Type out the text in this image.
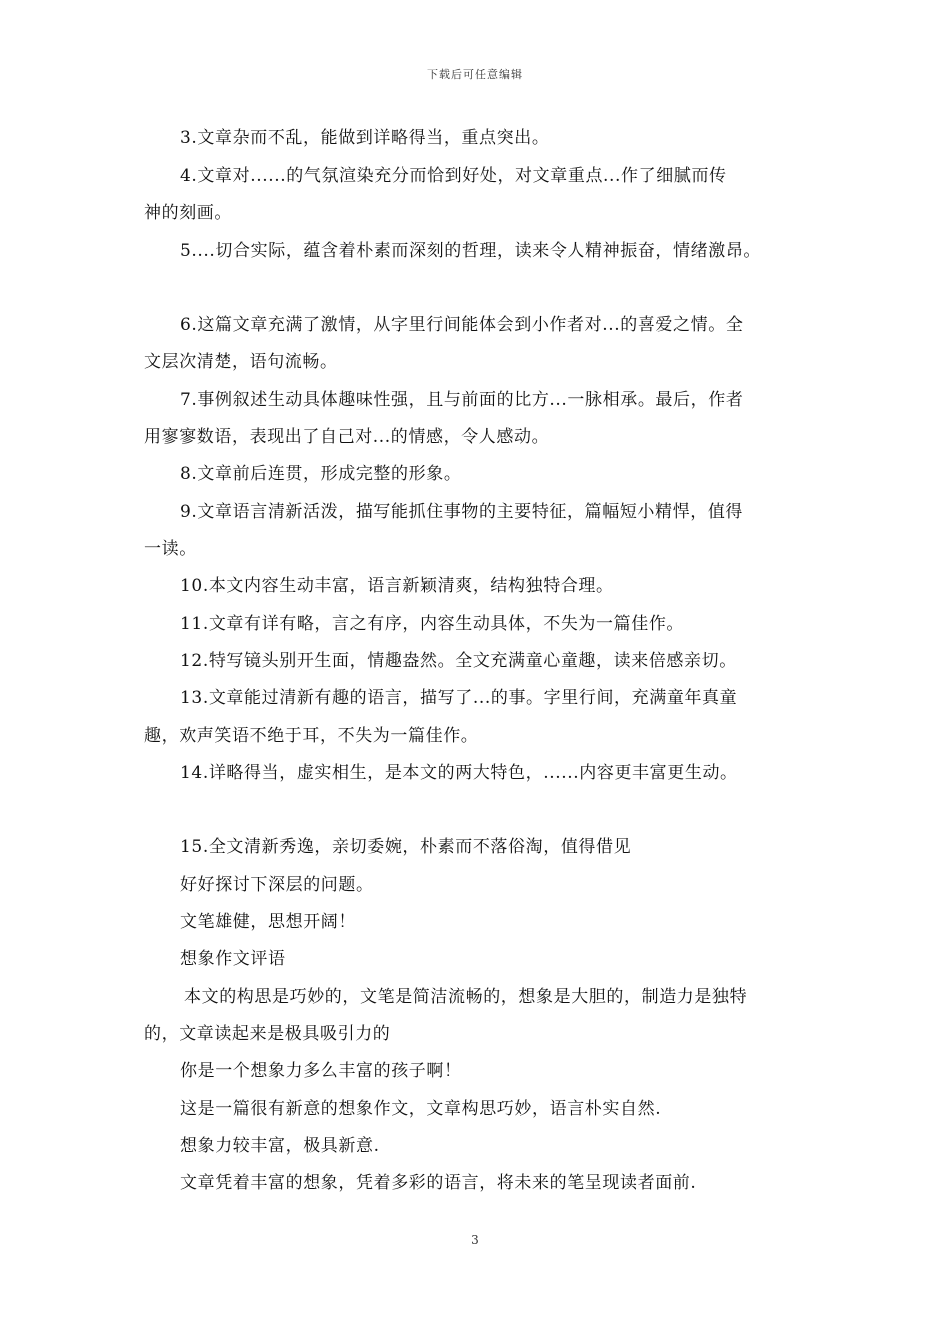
下载后可任意编辑
3.文章杂而不乱，能做到详略得当，重点突出。
4.文章对......的气氛渲染充分而恰到好处，对文章重点...作了细腻而传
神的刻画。
5....切合实际，蕴含着朴素而深刻的哲理，读来令人精神振奋，情绪激昂。
6.这篇文章充满了激情，从字里行间能体会到小作者对...的喜爱之情。全
文层次清楚，语句流畅。
7.事例叙述生动具体趣味性强，且与前面的比方...一脉相承。最后，作者
用寥寥数语，表现出了自己对...的情感，令人感动。
8.文章前后连贯，形成完整的形象。
9.文章语言清新活泼，描写能抓住事物的主要特征，篇幅短小精悍，值得
一读。
10.本文内容生动丰富，语言新颖清爽，结构独特合理。
11.文章有详有略，言之有序，内容生动具体，不失为一篇佳作。
12.特写镜头别开生面，情趣盎然。全文充满童心童趣，读来倍感亲切。
13.文章能过清新有趣的语言，描写了...的事。字里行间，充满童年真童
趣，欢声笑语不绝于耳，不失为一篇佳作。
14.详略得当，虚实相生，是本文的两大特色，......内容更丰富更生动。
15.全文清新秀逸，亲切委婉，朴素而不落俗淘，值得借见
好好探讨下深层的问题。
文笔雄健，思想开阔！
想象作文评语
本文的构思是巧妙的，文笔是简洁流畅的，想象是大胆的，制造力是独特
的，文章读起来是极具吸引力的
你是一个想象力多么丰富的孩子啊！
这是一篇很有新意的想象作文，文章构思巧妙，语言朴实自然.
想象力较丰富，极具新意.
文章凭着丰富的想象，凭着多彩的语言，将未来的笔呈现读者面前.
3
